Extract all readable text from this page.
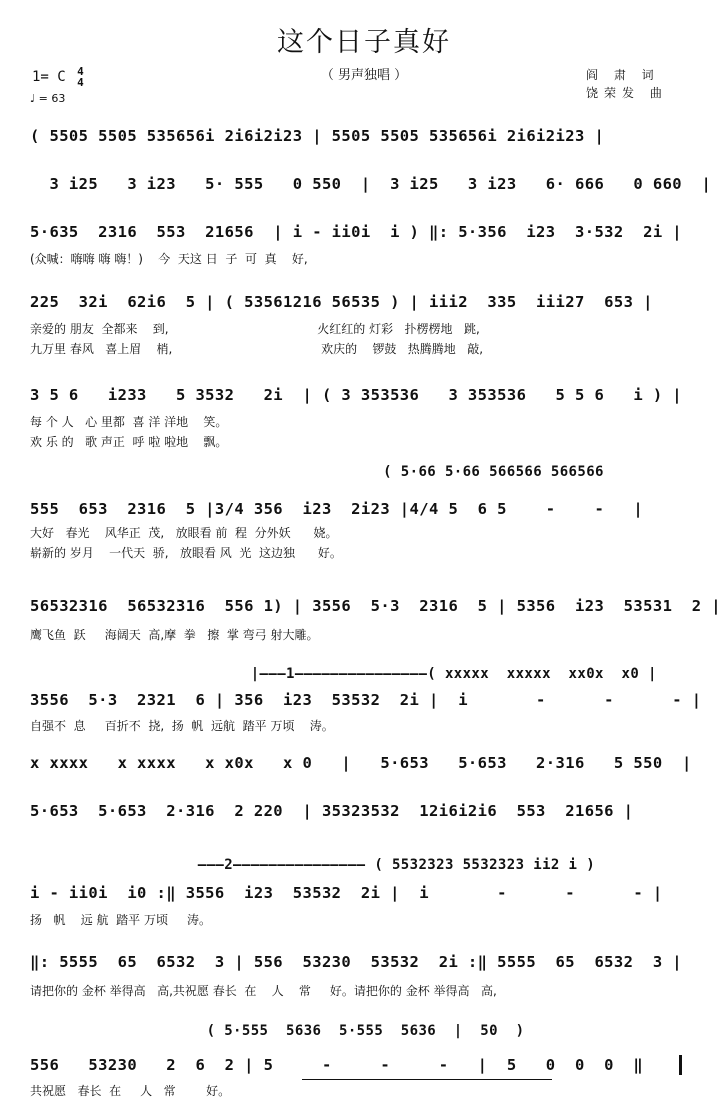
这个日子真好
（ 男声独唱 ）
1= C 4
4
♩ = 63
阎 肃 词
饶荣发 曲
( 5505 5505 535656i 2i6i2i23 | 5505 5505 535656i 2i6i2i23 |
3 i25   3 i23   5· 555   0 550  |  3 i25   3 i23   6· 666   0 660  |
5·635  2316  553  21656  | i - ii0i  i ) ‖: 5·356  i23  3·532  2i |
(众喊：嗨嗨 嗨 嗨！)    今  天这 日  子  可  真    好,
225  32i  62i6  5 | ( 53561216 56535 ) | iii2  335  iii27  653 |
亲爱的 朋友  全都来    到,                                       火红红的 灯彩   扑楞楞地   跳,
九万里 春风   喜上眉    梢,                                       欢庆的    锣鼓   热腾腾地   敲,
3 5 6   i233   5 3532   2i  | ( 3 353536   3 353536   5 5 6   i ) |
每 个 人   心 里都  喜 洋 洋地    笑。
欢 乐 的   歌 声正  呼 啦 啦地    飘。
( 5·66 5·66 566566 566566
555  653  2316  5 |3/4 356  i23  2i23 |4/4 5  6 5    -    -   |
大好   春光    风华正  茂,   放眼看 前  程  分外妖      娆。
崭新的 岁月    一代天  骄,   放眼看 风  光  这边独      好。
56532316  56532316  556 1) | 3556  5·3  2316  5 | 5356  i23  53531  2 |
鹰飞鱼  跃     海阔天  高,摩  拳   擦  掌 弯弓 射大雕。
|———1———————————————( xxxxx  xxxxx  xx0x  x0 |
3556  5·3  2321  6 | 356  i23  53532  2i |  i       -      -      - |
自强不  息     百折不  挠,  扬  帆  远航  踏平 万顷    涛。
x xxxx   x xxxx   x x0x   x 0   |   5·653   5·653   2·316   5 550  |
5·653  5·653  2·316  2 220  | 35323532  12i6i2i6  553  21656 |
———2——————————————— ( 5532323 5532323 ii2 i )
i - ii0i  i0 :‖ 3556  i23  53532  2i |  i       -      -      - |
扬   帆    远 航  踏平 万顷     涛。
‖: 5555  65  6532  3 | 556  53230  53532  2i :‖ 5555  65  6532  3 |
请把你的 金杯 举得高   高,共祝愿 春长  在    人    常     好。请把你的 金杯 举得高   高,
( 5·555  5636  5·555  5636  |  50  )
556   53230   2  6  2 | 5     -     -     -   |  5   0  0  0  ‖
共祝愿   春长  在     人   常        好。
